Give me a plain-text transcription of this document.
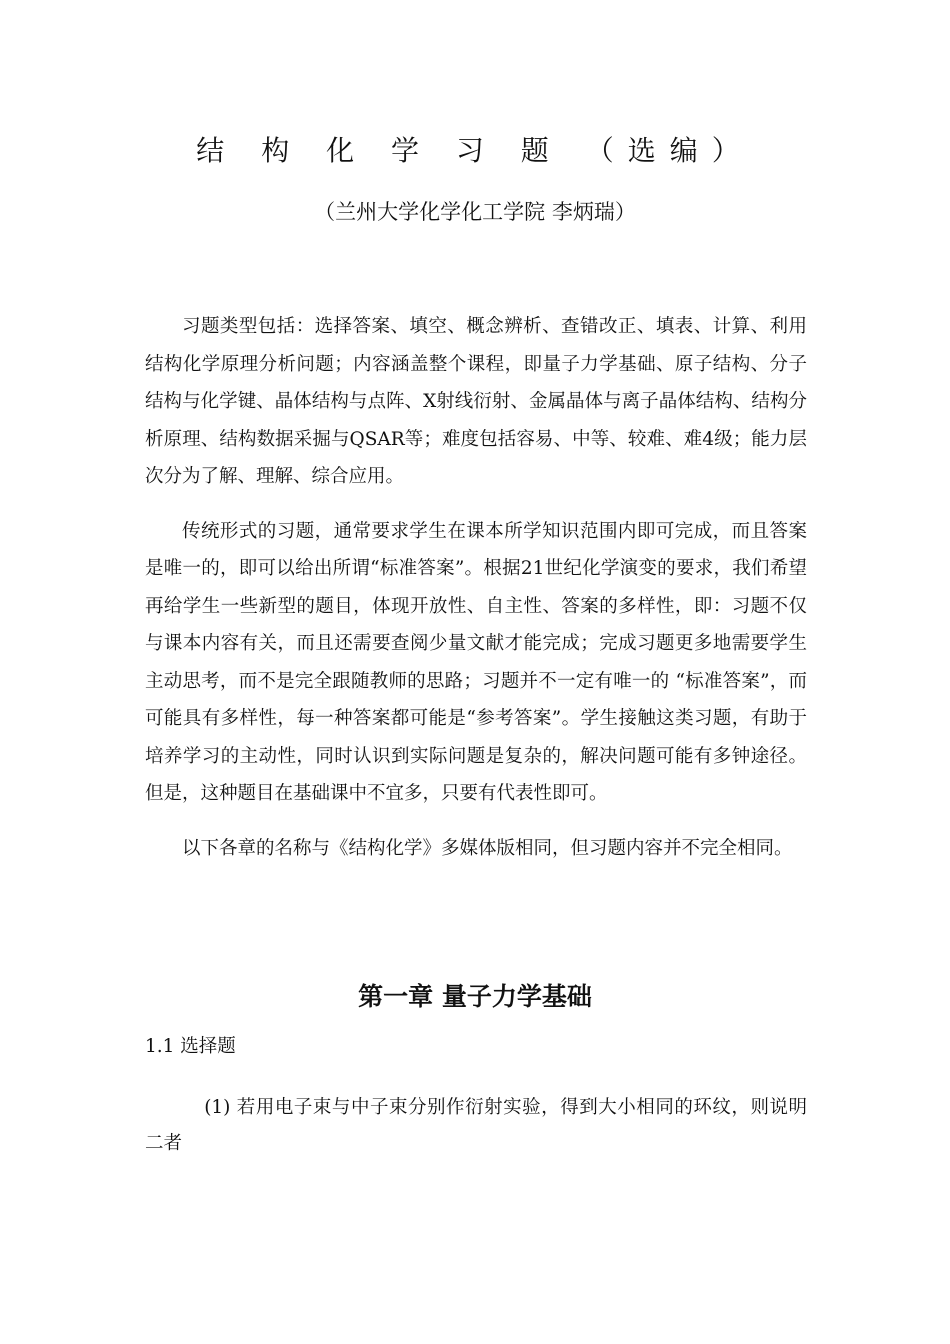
结 构 化 学 习 题 （选编）
（兰州大学化学化工学院 李炳瑞）

习题类型包括：选择答案、填空、概念辨析、查错改正、填表、计算、利用结构化学原理分析问题；内容涵盖整个课程，即量子力学基础、原子结构、分子结构与化学键、晶体结构与点阵、X射线衍射、金属晶体与离子晶体结构、结构分析原理、结构数据采掘与QSAR等；难度包括容易、中等、较难、难4级；能力层次分为了解、理解、综合应用。

传统形式的习题，通常要求学生在课本所学知识范围内即可完成，而且答案是唯一的，即可以给出所谓“标准答案”。根据21世纪化学演变的要求，我们希望再给学生一些新型的题目，体现开放性、自主性、答案的多样性，即：习题不仅与课本内容有关，而且还需要查阅少量文献才能完成；完成习题更多地需要学生主动思考，而不是完全跟随教师的思路；习题并不一定有唯一的 “标准答案”，而可能具有多样性，每一种答案都可能是“参考答案”。学生接触这类习题，有助于培养学习的主动性，同时认识到实际问题是复杂的，解决问题可能有多钟途径。但是，这种题目在基础课中不宜多，只要有代表性即可。

以下各章的名称与《结构化学》多媒体版相同，但习题内容并不完全相同。

第一章 量子力学基础
1.1 选择题

(1) 若用电子束与中子束分别作衍射实验，得到大小相同的环纹，则说明二者
